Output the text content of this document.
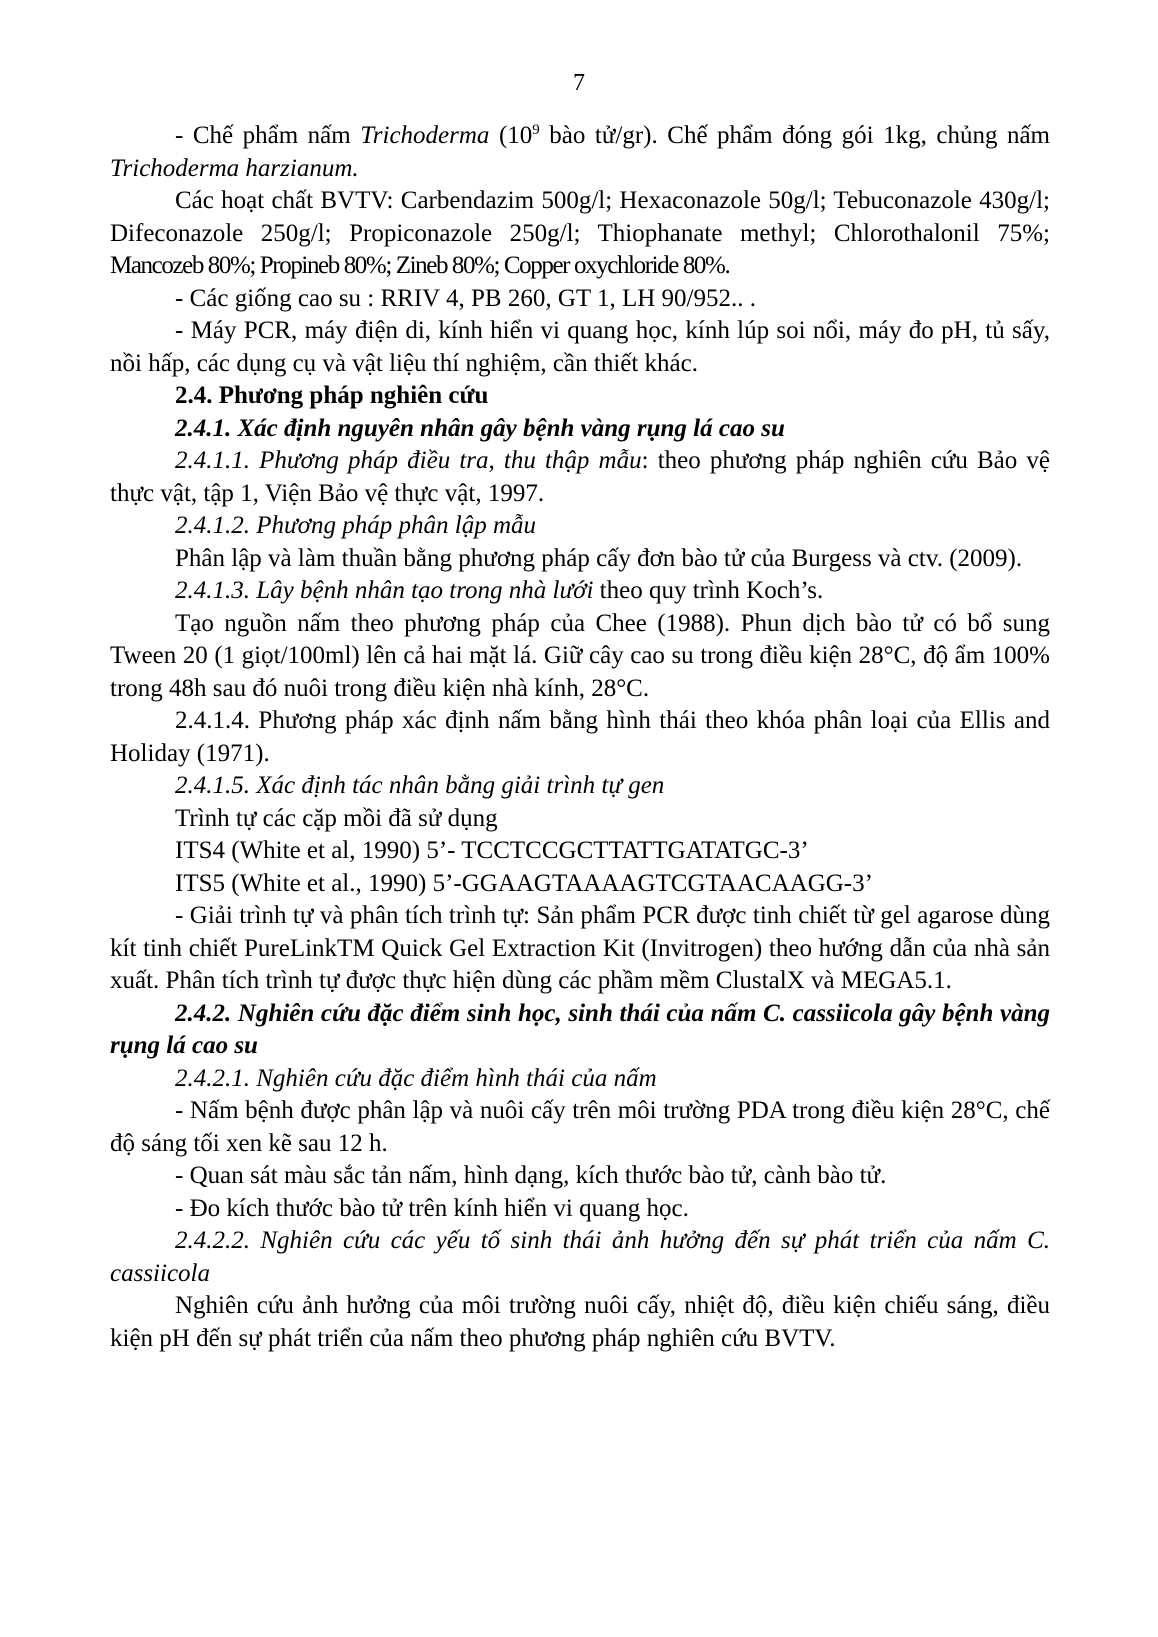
7

- Chế phẩm nấm Trichoderma ($10^9$ bào tử/gr). Chế phẩm đóng gói 1kg, chủng nấm Trichoderma harzianum.

Các hoạt chất BVTV: Carbendazim 500g/l; Hexaconazole 50g/l; Tebuconazole 430g/l; Difeconazole 250g/l; Propiconazole 250g/l; Thiophanate methyl; Chlorothalonil 75%; Mancozeb 80%; Propineb 80%; Zineb 80%; Copper oxychloride 80%.

- Các giống cao su : RRIV 4, PB 260, GT 1, LH 90/952.. .

- Máy PCR, máy điện di, kính hiển vi quang học, kính lúp soi nổi, máy đo pH, tủ sấy, nồi hấp, các dụng cụ và vật liệu thí nghiệm, cần thiết khác.

2.4. Phương pháp nghiên cứu

2.4.1. Xác định nguyên nhân gây bệnh vàng rụng lá cao su

2.4.1.1. Phương pháp điều tra, thu thập mẫu: theo phương pháp nghiên cứu Bảo vệ thực vật, tập 1, Viện Bảo vệ thực vật, 1997.

2.4.1.2. Phương pháp phân lập mẫu

Phân lập và làm thuần bằng phương pháp cấy đơn bào tử của Burgess và ctv. (2009).

2.4.1.3. Lây bệnh nhân tạo trong nhà lưới theo quy trình Koch’s.

Tạo nguồn nấm theo phương pháp của Chee (1988). Phun dịch bào tử có bổ sung Tween 20 (1 giọt/100ml) lên cả hai mặt lá. Giữ cây cao su trong điều kiện 28°C, độ ẩm 100% trong 48h sau đó nuôi trong điều kiện nhà kính, 28°C.

2.4.1.4. Phương pháp xác định nấm bằng hình thái theo khóa phân loại của Ellis and Holiday (1971).

2.4.1.5. Xác định tác nhân bằng giải trình tự gen

Trình tự các cặp mồi đã sử dụng

ITS4 (White et al, 1990) 5’- TCCTCCGCTTATTGATATGC-3’

ITS5 (White et al., 1990) 5’-GGAAGTAAAAGTCGTAACAAGG-3’

- Giải trình tự và phân tích trình tự: Sản phẩm PCR được tinh chiết từ gel agarose dùng kít tinh chiết PureLinkTM Quick Gel Extraction Kit (Invitrogen) theo hướng dẫn của nhà sản xuất. Phân tích trình tự được thực hiện dùng các phầm mềm ClustalX và MEGA5.1.

2.4.2. Nghiên cứu đặc điểm sinh học, sinh thái của nấm C. cassiicola gây bệnh vàng rụng lá cao su

2.4.2.1. Nghiên cứu đặc điểm hình thái của nấm

- Nấm bệnh được phân lập và nuôi cấy trên môi trường PDA trong điều kiện 28°C, chế độ sáng tối xen kẽ sau 12 h.

- Quan sát màu sắc tản nấm, hình dạng, kích thước bào tử, cành bào tử.

- Đo kích thước bào tử trên kính hiển vi quang học.

2.4.2.2. Nghiên cứu các yếu tố sinh thái ảnh hưởng đến sự phát triển của nấm C. cassiicola

Nghiên cứu ảnh hưởng của môi trường nuôi cấy, nhiệt độ, điều kiện chiếu sáng, điều kiện pH đến sự phát triển của nấm theo phương pháp nghiên cứu BVTV.
